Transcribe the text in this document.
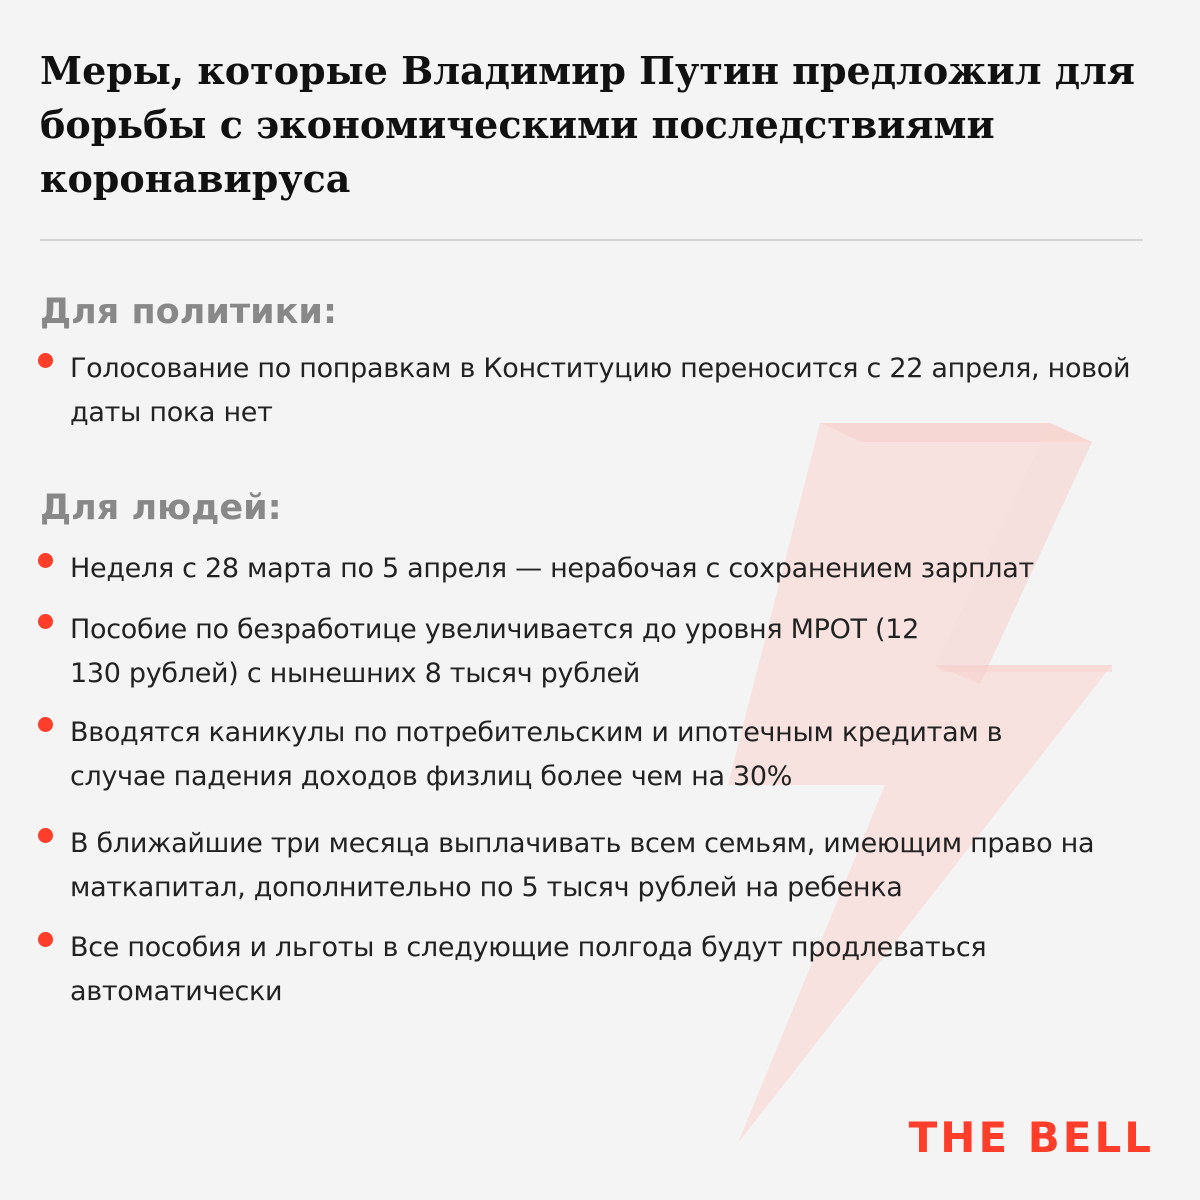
Меры, которые Владимир Путин предложил для борьбы с экономическими последствиями коронавируса
Для политики:
Голосование по поправкам в Конституцию переносится с 22 апреля, новой даты пока нет
Для людей:
Неделя с 28 марта по 5 апреля — нерабочая с сохранением зарплат
Пособие по безработице увеличивается до уровня МРОТ (12 130 рублей) с нынешних 8 тысяч рублей
Вводятся каникулы по потребительским и ипотечным кредитам в случае падения доходов физлиц более чем на 30%
В ближайшие три месяца выплачивать всем семьям, имеющим право на маткапитал, дополнительно по 5 тысяч рублей на ребенка
Все пособия и льготы в следующие полгода будут продлеваться автоматически
THE BELL
